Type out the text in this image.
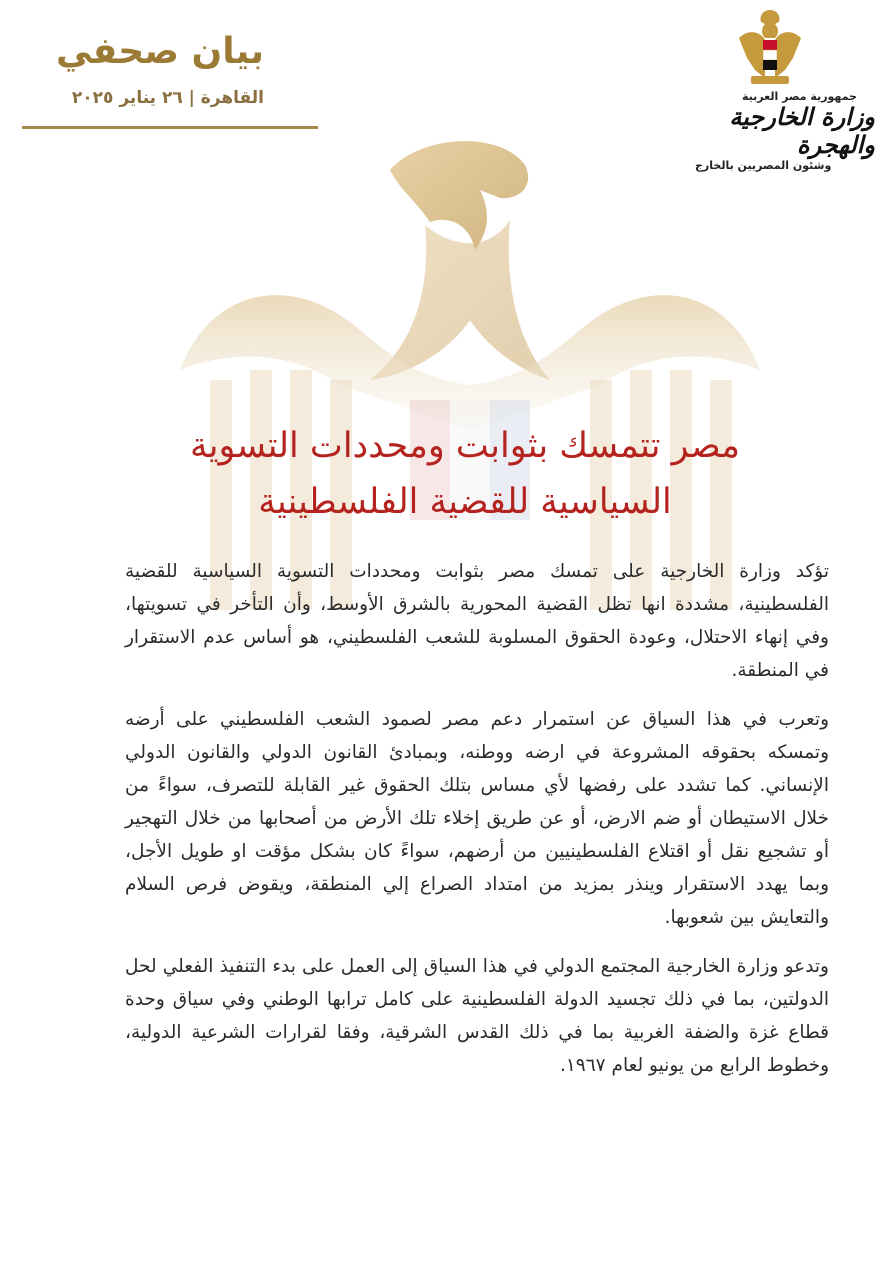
جمهورية مصر العربية
وزارة الخارجية والهجرة
وشئون المصريين بالخارج
بيان صحفي
القاهرة | ٢٦ يناير ٢٠٢٥
مصر تتمسك بثوابت ومحددات التسوية
السياسية للقضية الفلسطينية

تؤكد وزارة الخارجية على تمسك مصر بثوابت ومحددات التسوية السياسية للقضية الفلسطينية، مشددة انها تظل القضية المحورية بالشرق الأوسط، وأن التأخر في تسويتها، وفي إنهاء الاحتلال، وعودة الحقوق المسلوبة للشعب الفلسطيني، هو أساس عدم الاستقرار في المنطقة.

وتعرب في هذا السياق عن استمرار دعم مصر لصمود الشعب الفلسطيني على أرضه وتمسكه بحقوقه المشروعة في ارضه ووطنه، وبمبادئ القانون الدولي والقانون الدولي الإنساني. كما تشدد على رفضها لأي مساس بتلك الحقوق غير القابلة للتصرف، سواءً من خلال الاستيطان أو ضم الارض، أو عن طريق إخلاء تلك الأرض من أصحابها من خلال التهجير أو تشجيع نقل أو اقتلاع الفلسطينيين من أرضهم، سواءً كان بشكل مؤقت او طويل الأجل، وبما يهدد الاستقرار وينذر بمزيد من امتداد الصراع إلي المنطقة، ويقوض فرص السلام والتعايش بين شعوبها.

وتدعو وزارة الخارجية المجتمع الدولي في هذا السياق إلى العمل على بدء التنفيذ الفعلي لحل الدولتين، بما في ذلك تجسيد الدولة الفلسطينية على كامل ترابها الوطني وفي سياق وحدة قطاع غزة والضفة الغربية بما في ذلك القدس الشرقية، وفقا لقرارات الشرعية الدولية، وخطوط الرابع من يونيو لعام ١٩٦٧.
